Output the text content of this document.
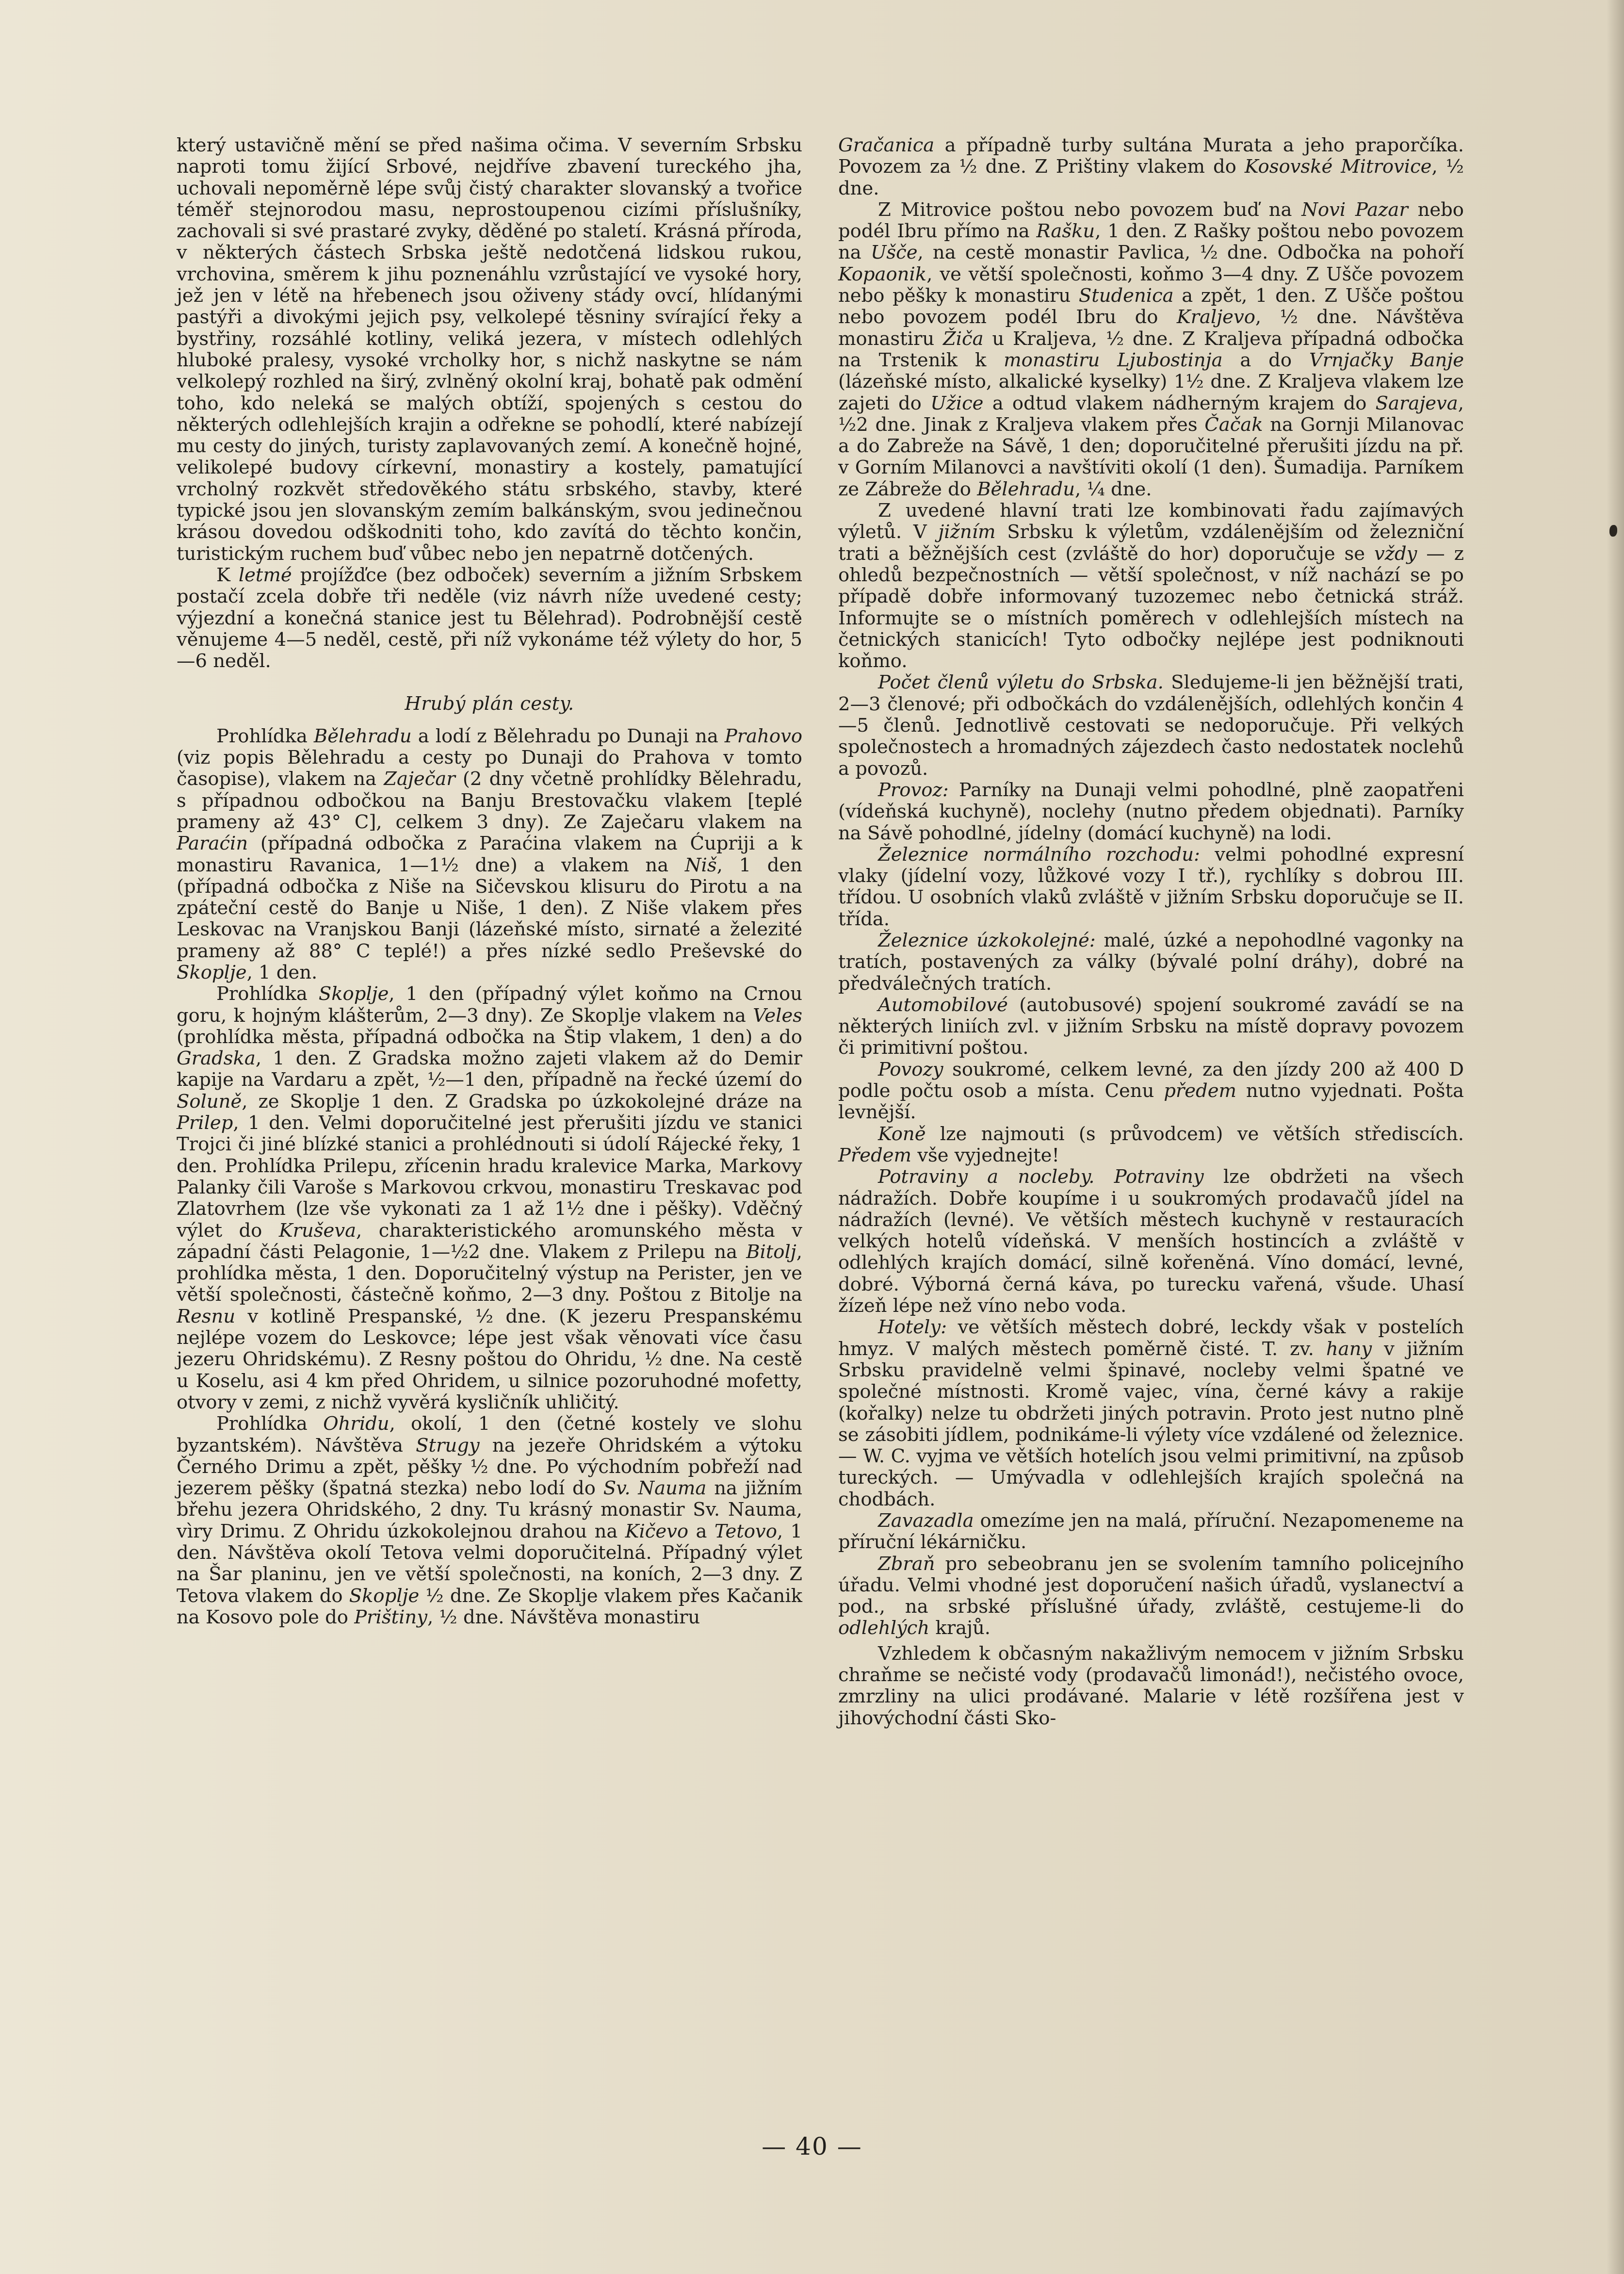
který ustavičně mění se před našima očima. V severním Srbsku naproti tomu žijící Srbové, nejdříve zbavení tureckého jha, uchovali nepoměrně lépe svůj čistý charakter slovanský a tvořice téměř stejnorodou masu, neprostoupenou cizími příslušníky, zachovali si své prastaré zvyky, děděné po staletí. Krásná příroda, v některých částech Srbska ještě nedotčená lidskou rukou, vrchovina, směrem k jihu poznenáhlu vzrůstající ve vysoké hory, jež jen v létě na hřebenech jsou oživeny stády ovcí, hlídanými pastýři a divokými jejich psy, velkolepé těsniny svírající řeky a bystřiny, rozsáhlé kotliny, veliká jezera, v místech odlehlých hluboké pralesy, vysoké vrcholky hor, s nichž naskytne se nám velkolepý rozhled na širý, zvlněný okolní kraj, bohatě pak odmění toho, kdo neleká se malých obtíží, spojených s cestou do některých odlehlejších krajin a odřekne se pohodlí, které nabízejí mu cesty do jiných, turisty zaplavovaných zemí. A konečně hojné, velikolepé budovy církevní, monastiry a kostely, pamatující vrcholný rozkvět středověkého státu srbského, stavby, které typické jsou jen slovanským zemím balkánským, svou jedinečnou krásou dovedou odškodniti toho, kdo zavítá do těchto končin, turistickým ruchem buď vůbec nebo jen nepatrně dotčených.

K letmé projížďce (bez odboček) severním a jižním Srbskem postačí zcela dobře tři neděle (viz návrh níže uvedené cesty; výjezdní a konečná stanice jest tu Bělehrad). Podrobnější cestě věnujeme 4—5 neděl, cestě, při níž vykonáme též výlety do hor, 5—6 neděl.

Hrubý plán cesty.

Prohlídka Bělehradu a lodí z Bělehradu po Dunaji na Prahovo (viz popis Bělehradu a cesty po Dunaji do Prahova v tomto časopise), vlakem na Zaječar (2 dny včetně prohlídky Bělehradu, s případnou odbočkou na Banju Brestovačku vlakem [teplé prameny až 43° C], celkem 3 dny). Ze Zaječaru vlakem na Paraćin (případná odbočka z Paraćina vlakem na Ćupriji a k monastiru Ravanica, 1—1½ dne) a vlakem na Niš, 1 den (případná odbočka z Niše na Sičevskou klisuru do Pirotu a na zpáteční cestě do Banje u Niše, 1 den). Z Niše vlakem přes Leskovac na Vranjskou Banji (lázeňské místo, sirnaté a železité prameny až 88° C teplé!) a přes nízké sedlo Preševské do Skoplje, 1 den.

Prohlídka Skoplje, 1 den (případný výlet koňmo na Crnou goru, k hojným klášterům, 2—3 dny). Ze Skoplje vlakem na Veles (prohlídka města, případná odbočka na Štip vlakem, 1 den) a do Gradska, 1 den. Z Gradska možno zajeti vlakem až do Demir kapije na Vardaru a zpět, ½—1 den, případně na řecké území do Soluně, ze Skoplje 1 den. Z Gradska po úzkokolejné dráze na Prilep, 1 den. Velmi doporučitelné jest přerušiti jízdu ve stanici Trojci či jiné blízké stanici a prohlédnouti si údolí Rájecké řeky, 1 den. Prohlídka Prilepu, zřícenin hradu kralevice Marka, Markovy Palanky čili Varoše s Markovou crkvou, monastiru Treskavac pod Zlatovrhem (lze vše vykonati za 1 až 1½ dne i pěšky). Vděčný výlet do Kruševa, charakteristického aromunského města v západní části Pelagonie, 1—½2 dne. Vlakem z Prilepu na Bitolj, prohlídka města, 1 den. Doporučitelný výstup na Perister, jen ve větší společnosti, částečně koňmo, 2—3 dny. Poštou z Bitolje na Resnu v kotlině Prespanské, ½ dne. (K jezeru Prespanskému nejlépe vozem do Leskovce; lépe jest však věnovati více času jezeru Ohridskému). Z Resny poštou do Ohridu, ½ dne. Na cestě u Koselu, asi 4 km před Ohridem, u silnice pozoruhodné mofetty, otvory v zemi, z nichž vyvěrá kysličník uhličitý.

Prohlídka Ohridu, okolí, 1 den (četné kostely ve slohu byzantském). Návštěva Strugy na jezeře Ohridském a výtoku Černého Drimu a zpět, pěšky ½ dne. Po východním pobřeží nad jezerem pěšky (špatná stezka) nebo lodí do Sv. Nauma na jižním břehu jezera Ohridského, 2 dny. Tu krásný monastir Sv. Nauma, vìry Drimu. Z Ohridu úzkokolejnou drahou na Kičevo a Tetovo, 1 den. Návštěva okolí Tetova velmi doporučitelná. Případný výlet na Šar planinu, jen ve větší společnosti, na koních, 2—3 dny. Z Tetova vlakem do Skoplje ½ dne. Ze Skoplje vlakem přes Kačanik na Kosovo pole do Prištiny, ½ dne. Návštěva monastiru

Gračanica a případně turby sultána Murata a jeho praporčíka. Povozem za ½ dne. Z Prištiny vlakem do Kosovské Mitrovice, ½ dne.

Z Mitrovice poštou nebo povozem buď na Novi Pazar nebo podél Ibru přímo na Rašku, 1 den. Z Rašky poštou nebo povozem na Ušče, na cestě monastir Pavlica, ½ dne. Odbočka na pohoří Kopaonik, ve větší společnosti, koňmo 3—4 dny. Z Ušče povozem nebo pěšky k monastiru Studenica a zpět, 1 den. Z Ušče poštou nebo povozem podél Ibru do Kraljevo, ½ dne. Návštěva monastiru Žiča u Kraljeva, ½ dne. Z Kraljeva případná odbočka na Trstenik k monastiru Ljubostinja a do Vrnjačky Banje (lázeňské místo, alkalické kyselky) 1½ dne. Z Kraljeva vlakem lze zajeti do Užice a odtud vlakem nádherným krajem do Sarajeva, ½2 dne. Jinak z Kraljeva vlakem přes Čačak na Gornji Milanovac a do Zabreže na Sávě, 1 den; doporučitelné přerušiti jízdu na př. v Gorním Milanovci a navštíviti okolí (1 den). Šumadija. Parníkem ze Zábreže do Bělehradu, ¼ dne.

Z uvedené hlavní trati lze kombinovati řadu zajímavých výletů. V jižním Srbsku k výletům, vzdálenějším od železniční trati a běžnějších cest (zvláště do hor) doporučuje se vždy — z ohledů bezpečnostních — větší společnost, v níž nachází se po případě dobře informovaný tuzozemec nebo četnická stráž. Informujte se o místních poměrech v odlehlejších místech na četnických stanicích! Tyto odbočky nejlépe jest podniknouti koňmo.

Počet členů výletu do Srbska. Sledujeme-li jen běžnější trati, 2—3 členové; při odbočkách do vzdálenějších, odlehlých končin 4—5 členů. Jednotlivě cestovati se nedoporučuje. Při velkých společnostech a hromadných zájezdech často nedostatek noclehů a povozů.

Provoz: Parníky na Dunaji velmi pohodlné, plně zaopatřeni (vídeňská kuchyně), noclehy (nutno předem objednati). Parníky na Sávě pohodlné, jídelny (domácí kuchyně) na lodi.

Železnice normálního rozchodu: velmi pohodlné expresní vlaky (jídelní vozy, lůžkové vozy I tř.), rychlíky s dobrou III. třídou. U osobních vlaků zvláště v jižním Srbsku doporučuje se II. třída.

Železnice úzkokolejné: malé, úzké a nepohodlné vagonky na tratích, postavených za války (bývalé polní dráhy), dobré na předválečných tratích.

Automobilové (autobusové) spojení soukromé zavádí se na některých liniích zvl. v jižním Srbsku na místě dopravy povozem či primitivní poštou.

Povozy soukromé, celkem levné, za den jízdy 200 až 400 D podle počtu osob a místa. Cenu předem nutno vyjednati. Pošta levnější.

Koně lze najmouti (s průvodcem) ve větších střediscích. Předem vše vyjednejte!

Potraviny a nocleby. Potraviny lze obdržeti na všech nádražích. Dobře koupíme i u soukromých prodavačů jídel na nádražích (levné). Ve větších městech kuchyně v restauracích velkých hotelů vídeňská. V menších hostincích a zvláště v odlehlých krajích domácí, silně kořeněná. Víno domácí, levné, dobré. Výborná černá káva, po turecku vařená, všude. Uhasí žízeň lépe než víno nebo voda.

Hotely: ve větších městech dobré, leckdy však v postelích hmyz. V malých městech poměrně čisté. T. zv. hany v jižním Srbsku pravidelně velmi špinavé, nocleby velmi špatné ve společné místnosti. Kromě vajec, vína, černé kávy a rakije (kořalky) nelze tu obdržeti jiných potravin. Proto jest nutno plně se zásobiti jídlem, podnikáme-li výlety více vzdálené od železnice. — W. C. vyjma ve větších hotelích jsou velmi primitivní, na způsob tureckých. — Umývadla v odlehlejších krajích společná na chodbách.

Zavazadla omezíme jen na malá, příruční. Nezapomeneme na příruční lékárničku.

Zbraň pro sebeobranu jen se svolením tamního policejního úřadu. Velmi vhodné jest doporučení našich úřadů, vyslanectví a pod., na srbské příslušné úřady, zvláště, cestujeme-li do odlehlých krajů.

Vzhledem k občasným nakažlivým nemocem v jižním Srbsku chraňme se nečisté vody (prodavačů limonád!), nečistého ovoce, zmrzliny na ulici prodávané. Malarie v létě rozšířena jest v jihovýchodní části Sko-

— 40 —
